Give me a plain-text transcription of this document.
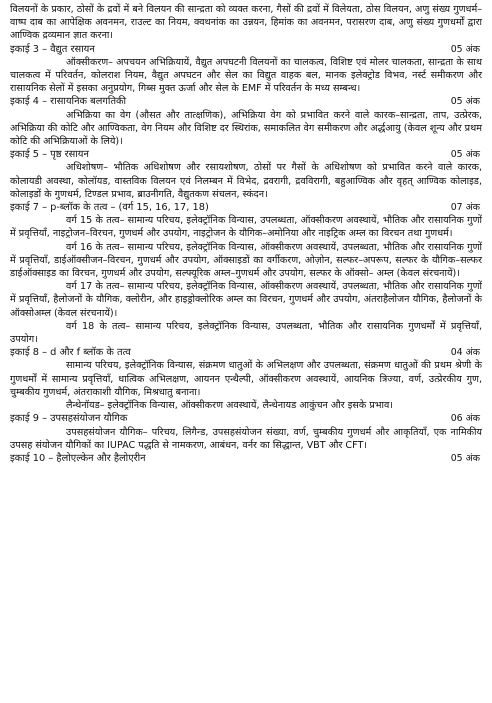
विलयनों के प्रकार, ठोसों के द्रवों में बने विलयन की सान्द्रता को व्यक्त करना, गैसों की द्रवों में विलेयता, ठोस विलयन, अणु संख्य गुणधर्म–वाष्प दाब का आपेक्षिक अवनमन, राउल्ट का नियम, क्वथनांक का उन्नयन, हिमांक का अवनमन, परासरण दाब, अणु संख्य गुणधर्मों द्वारा आण्विक द्रव्यमान ज्ञात करना।

इकाई 3 – वैद्युत रसायन	05 अंक

ऑक्सीकरण– अपचयन अभिक्रियायें, वैद्युत अपघटनी विलयनों का चालकत्व, विशिष्ट एवं मोलर चालकता, सान्द्रता के साथ चालकत्व में परिवर्तन, कोलराश नियम, वैद्युत अपघटन और सेल का विद्युत वाहक बल, मानक इलेक्ट्रोड विभव, नर्स्ट समीकरण और रासायनिक सेलों में इसका अनुप्रयोग, गिब्स मुक्त ऊर्जा और सेल के EMF में परिवर्तन के मध्य सम्बन्ध।

इकाई 4 – रासायनिक बलगतिकी	05 अंक

अभिक्रिया का वेग (औसत और तात्क्षणिक), अभिक्रिया वेग को प्रभावित करने वाले कारक–सान्द्रता, ताप, उत्प्रेरक, अभिक्रिया की कोटि और आण्विकता, वेग नियम और विशिष्ट दर स्थिरांक, समाकलित वेग समीकरण और अर्द्धआयु (केवल शून्य और प्रथम कोटि की अभिक्रियाओं के लिये)।

इकाई 5 – पृष्ठ रसायन	05 अंक

अधिशोषण– भौतिक अधिशोषण और रसायशोषण, ठोसों पर गैसों के अधिशोषण को प्रभावित करने वाले कारक, कोलायडी अवस्था, कोलॉयड, वास्तविक विलयन एवं निलम्बन में विभेद, द्रवरागी, द्रवविरागी, बहुआण्विक और वृहत् आण्विक कोलाइड, कोलाइडों के गुणधर्म, टिण्डल प्रभाव, ब्राउनीगति, वैद्युतकण संचलन, स्कंदन।

इकाई 7 – p-ब्लॉक के तत्व – (वर्ग 15, 16, 17, 18)	07 अंक

वर्ग 15 के तत्व– सामान्य परिचय, इलेक्ट्रॉनिक विन्यास, उपलब्धता, ऑक्सीकरण अवस्थायें, भौतिक और रासायनिक गुणों में प्रवृत्तियाँ, नाइट्रोजन–विरचन, गुणधर्म और उपयोग, नाइट्रोजन के यौगिक–अमोनिया और नाइट्रिक अम्ल का विरचन तथा गुणधर्म।

वर्ग 16 के तत्व– सामान्य परिचय, इलेक्ट्रॉनिक विन्यास, ऑक्सीकरण अवस्थायें, उपलब्धता, भौतिक और रासायनिक गुणों में प्रवृत्तियाँ, डाईऑक्सीजन–विरचन, गुणधर्म और उपयोग, ऑक्साइडों का वर्गीकरण, ओज़ोन, सल्फर–अपरूप, सल्फर के यौगिक–सल्फर डाईऑक्साइड का विरचन, गुणधर्म और उपयोग, सल्फ्यूरिक अम्ल–गुणधर्म और उपयोग, सल्फर के ऑक्सो– अम्ल (केवल संरचनायें)।

वर्ग 17 के तत्व– सामान्य परिचय, इलेक्ट्रॉनिक विन्यास, ऑक्सीकरण अवस्थायें, उपलब्धता, भौतिक और रासायनिक गुणों में प्रवृत्तियाँ, हैलोजनों के यौगिक, क्लोरीन, और हाइड्रोक्लोरिक अम्ल का विरचन, गुणधर्म और उपयोग, अंतराहैलोजन यौगिक, हैलोजनों के ऑक्सोअम्ल (केवल संरचनायें)।

वर्ग 18 के तत्व– सामान्य परिचय, इलेक्ट्रॉनिक विन्यास, उपलब्धता, भौतिक और रासायनिक गुणधर्मों में प्रवृत्तियाँ, उपयोग।

इकाई 8 – d और f ब्लॉक के तत्व	04 अंक

सामान्य परिचय, इलेक्ट्रॉनिक विन्यास, संक्रमण धातुओं के अभिलक्षण और उपलब्धता, संक्रमण धातुओं की प्रथम श्रेणी के गुणधर्मों में सामान्य प्रवृत्तियाँ, धात्विक अभिलक्षण, आयनन एन्थैल्पी, ऑक्सीकरण अवस्थायें, आयनिक त्रिज्या, वर्ण, उत्प्रेरकीय गुण, चुम्बकीय गुणधर्म, अंतराकाशी यौगिक, मिश्रधातु बनाना।

लैन्थेनॉयड– इलेक्ट्रॉनिक विन्यास, ऑक्सीकरण अवस्थायें, लैन्थेनायड आकुंचन और इसके प्रभाव।

इकाई 9 – उपसहसंयोजन यौगिक	06 अंक

उपसहसंयोजन यौगिक– परिचय, लिगैन्ड, उपसहसंयोजन संख्या, वर्ण, चुम्बकीय गुणधर्म और आकृतियाँ, एक नामिकीय उपसह संयोजन यौगिकों का IUPAC पद्धति से नामकरण, आबंधन, वर्नर का सिद्धान्त, VBT और CFT।

इकाई 10 – हैलोएल्केन और हैलोएरीन	05 अंक
